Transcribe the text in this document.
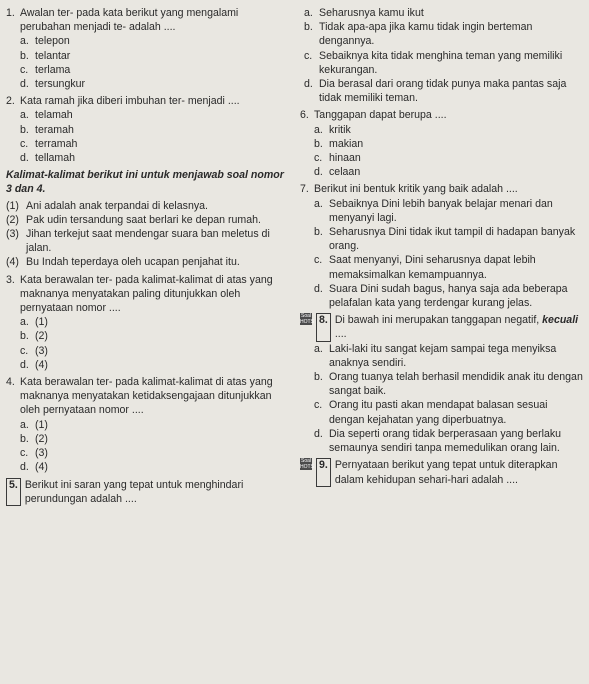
1. Awalan ter- pada kata berikut yang mengalami perubahan menjadi te- adalah ....
a. telepon
b. telantar
c. terlama
d. tersungkur
2. Kata ramah jika diberi imbuhan ter- menjadi ....
a. telamah
b. teramah
c. terramah
d. tellamah
Kalimat-kalimat berikut ini untuk menjawab soal nomor 3 dan 4.
(1) Ani adalah anak terpandai di kelasnya.
(2) Pak udin tersandung saat berlari ke depan rumah.
(3) Jihan terkejut saat mendengar suara ban meletus di jalan.
(4) Bu Indah teperdaya oleh ucapan penjahat itu.
3. Kata berawalan ter- pada kalimat-kalimat di atas yang maknanya menyatakan paling ditunjukkan oleh pernyataan nomor ....
a. (1)
b. (2)
c. (3)
d. (4)
4. Kata berawalan ter- pada kalimat-kalimat di atas yang maknanya menyatakan ketidaksengajaan ditunjukkan oleh pernyataan nomor ....
a. (1)
b. (2)
c. (3)
d. (4)
5. Berikut ini saran yang tepat untuk menghindari perundungan adalah ....
a. Seharusnya kamu ikut
b. Tidak apa-apa jika kamu tidak ingin berteman dengannya.
c. Sebaiknya kita tidak menghina teman yang memiliki kekurangan.
d. Dia berasal dari orang tidak punya maka pantas saja tidak memiliki teman.
6. Tanggapan dapat berupa ....
a. kritik
b. makian
c. hinaan
d. celaan
7. Berikut ini bentuk kritik yang baik adalah ....
a. Sebaiknya Dini lebih banyak belajar menari dan menyanyi lagi.
b. Seharusnya Dini tidak ikut tampil di hadapan banyak orang.
c. Saat menyanyi, Dini seharusnya dapat lebih memaksimalkan kemampuannya.
d. Suara Dini sudah bagus, hanya saja ada beberapa pelafalan kata yang terdengar kurang jelas.
Soal HOTS 8. Di bawah ini merupakan tanggapan negatif, kecuali ....
a. Laki-laki itu sangat kejam sampai tega menyiksa anaknya sendiri.
b. Orang tuanya telah berhasil mendidik anak itu dengan sangat baik.
c. Orang itu pasti akan mendapat balasan sesuai dengan kejahatan yang diperbuatnya.
d. Dia seperti orang tidak berperasaan yang berlaku semaunya sendiri tanpa memedulikan orang lain.
Soal HOTS 9. Pernyataan berikut yang tepat untuk diterapkan dalam kehidupan sehari-hari adalah ....
